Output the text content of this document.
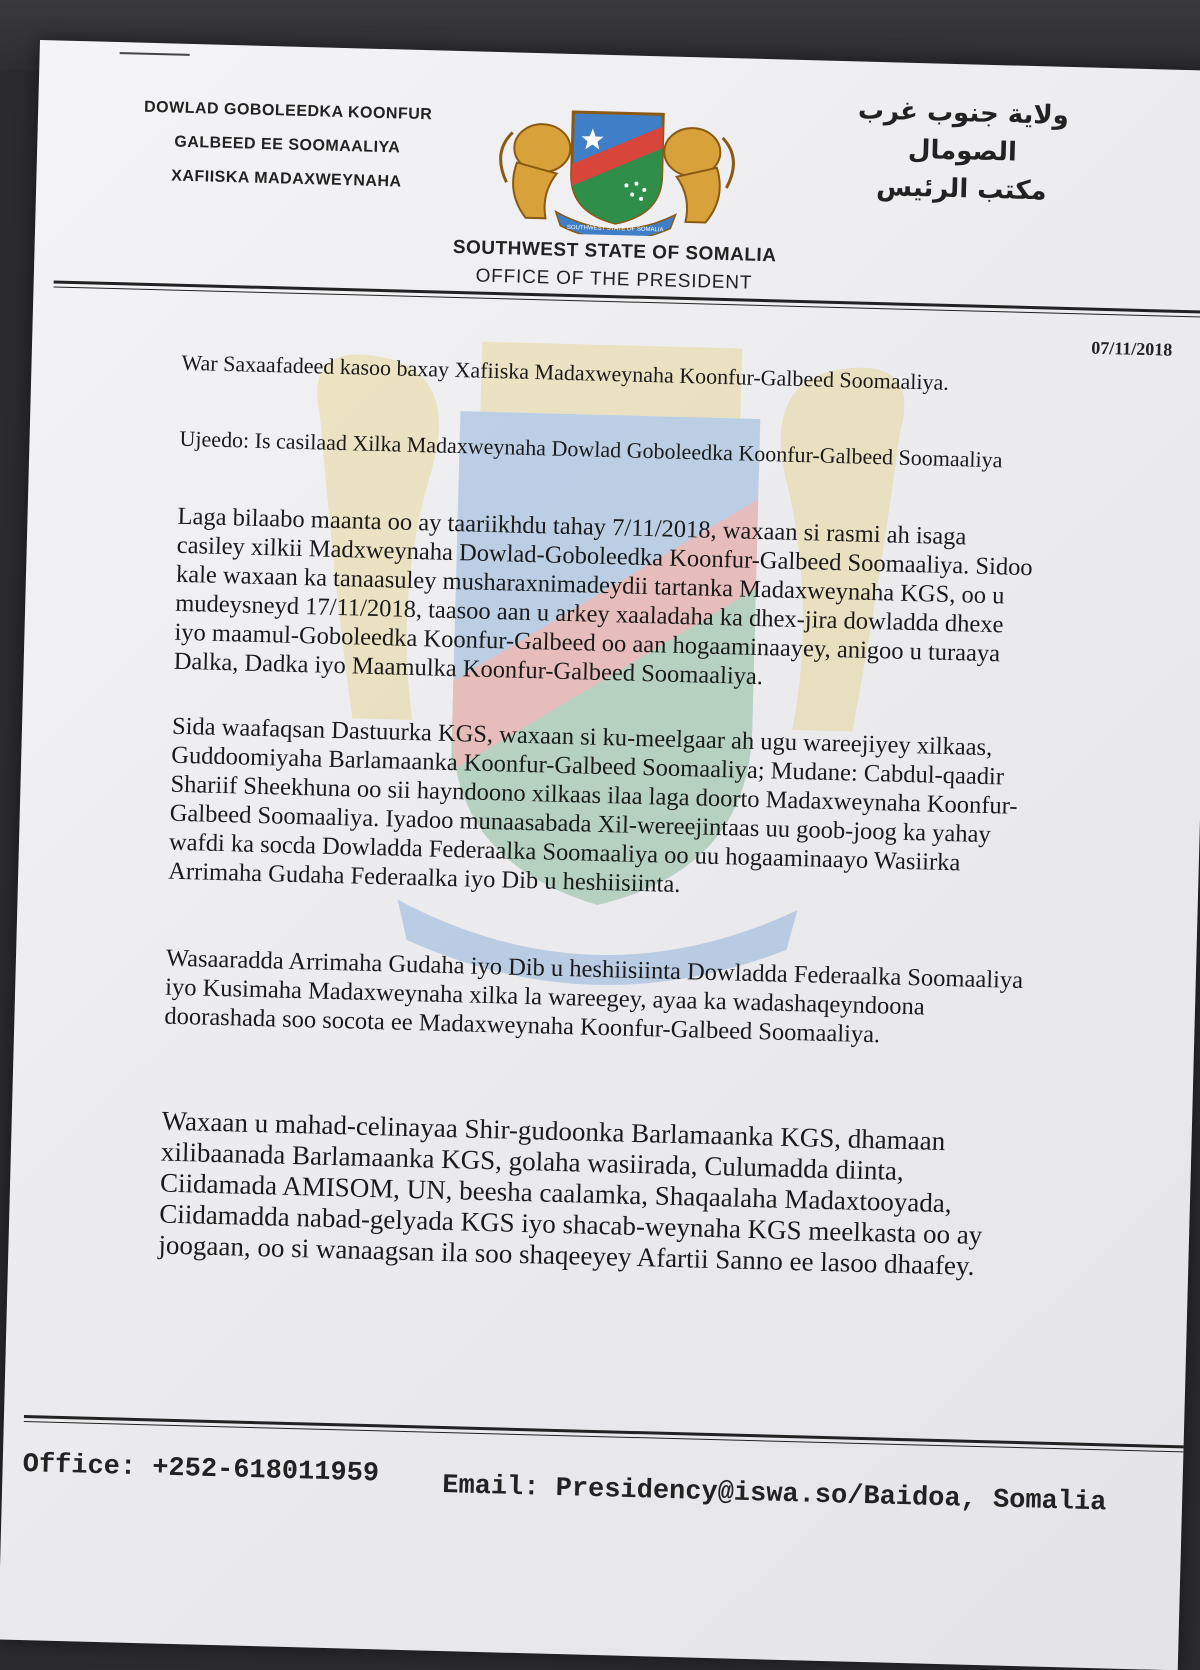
DOWLAD GOBOLEEDKA KOONFUR
GALBEED EE SOOMAALIYA
XAFIISKA MADAXWEYNAHA
ولاية جنوب غرب
الصومال
مكتب الرئيس
SOUTHWEST STATE OF SOMALIA
SOUTHWEST STATE OF SOMALIA
OFFICE OF THE PRESIDENT
07/11/2018
War Saxaafadeed kasoo baxay Xafiiska Madaxweynaha Koonfur-Galbeed Soomaaliya.
Ujeedo: Is casilaad Xilka Madaxweynaha Dowlad Goboleedka Koonfur-Galbeed Soomaaliya
Laga bilaabo maanta oo ay taariikhdu tahay 7/11/2018, waxaan si rasmi ah isaga casiley xilkii Madxweynaha Dowlad-Goboleedka Koonfur-Galbeed Soomaaliya. Sidoo kale waxaan ka tanaasuley musharaxnimadeydii tartanka Madaxweynaha KGS, oo u mudeysneyd 17/11/2018, taasoo aan u arkey xaaladaha ka dhex-jira dowladda dhexe iyo maamul-Goboleedka Koonfur-Galbeed oo aan hogaaminaayey, anigoo u turaaya Dalka, Dadka iyo Maamulka Koonfur-Galbeed Soomaaliya.
Sida waafaqsan Dastuurka KGS, waxaan si ku-meelgaar ah ugu wareejiyey xilkaas, Guddoomiyaha Barlamaanka Koonfur-Galbeed Soomaaliya; Mudane: Cabdul-qaadir Shariif Sheekhuna oo sii hayndoono xilkaas ilaa laga doorto Madaxweynaha Koonfur-Galbeed Soomaaliya. Iyadoo munaasabada Xil-wereejintaas uu goob-joog ka yahay wafdi ka socda Dowladda Federaalka Soomaaliya oo uu hogaaminaayo Wasiirka Arrimaha Gudaha Federaalka iyo Dib u heshiisiinta.
Wasaaradda Arrimaha Gudaha iyo Dib u heshiisiinta Dowladda Federaalka Soomaaliya iyo Kusimaha Madaxweynaha xilka la wareegey, ayaa ka wadashaqeyndoona doorashada soo socota ee Madaxweynaha Koonfur-Galbeed Soomaaliya.
Waxaan u mahad-celinayaa Shir-gudoonka Barlamaanka KGS, dhamaan xilibaanada Barlamaanka KGS, golaha wasiirada, Culumadda diinta, Ciidamada AMISOM, UN, beesha caalamka, Shaqaalaha Madaxtooyada, Ciidamadda nabad-gelyada KGS iyo shacab-weynaha KGS meelkasta oo ay joogaan, oo si wanaagsan ila soo shaqeeyey Afartii Sanno ee lasoo dhaafey.
Office: +252-618011959
Email: Presidency@iswa.so/Baidoa, Somalia
